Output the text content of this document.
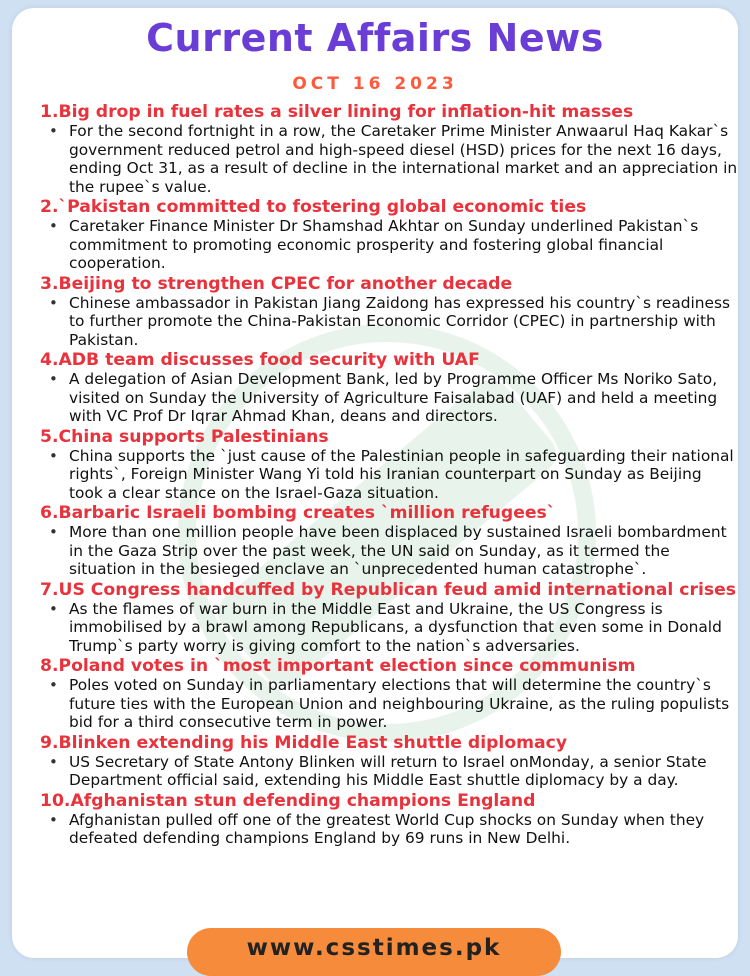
Current Affairs News
OCT 16 2023
1.Big drop in fuel rates a silver lining for inflation-hit masses
• For the second fortnight in a row, the Caretaker Prime Minister Anwaarul Haq Kakar`s government reduced petrol and high-speed diesel (HSD) prices for the next 16 days, ending Oct 31, as a result of decline in the international market and an appreciation in the rupee`s value.
2.`Pakistan committed to fostering global economic ties
• Caretaker Finance Minister Dr Shamshad Akhtar on Sunday underlined Pakistan`s commitment to promoting economic prosperity and fostering global financial cooperation.
3.Beijing to strengthen CPEC for another decade
• Chinese ambassador in Pakistan Jiang Zaidong has expressed his country`s readiness to further promote the China-Pakistan Economic Corridor (CPEC) in partnership with Pakistan.
4.ADB team discusses food security with UAF
• A delegation of Asian Development Bank, led by Programme Officer Ms Noriko Sato, visited on Sunday the University of Agriculture Faisalabad (UAF) and held a meeting with VC Prof Dr Iqrar Ahmad Khan, deans and directors.
5.China supports Palestinians
• China supports the `just cause of the Palestinian people in safeguarding their national rights`, Foreign Minister Wang Yi told his Iranian counterpart on Sunday as Beijing took a clear stance on the Israel-Gaza situation.
6.Barbaric Israeli bombing creates `million refugees`
• More than one million people have been displaced by sustained Israeli bombardment in the Gaza Strip over the past week, the UN said on Sunday, as it termed the situation in the besieged enclave an `unprecedented human catastrophe`.
7.US Congress handcuffed by Republican feud amid international crises
• As the flames of war burn in the Middle East and Ukraine, the US Congress is immobilised by a brawl among Republicans, a dysfunction that even some in Donald Trump`s party worry is giving comfort to the nation`s adversaries.
8.Poland votes in `most important election since communism
• Poles voted on Sunday in parliamentary elections that will determine the country`s future ties with the European Union and neighbouring Ukraine, as the ruling populists bid for a third consecutive term in power.
9.Blinken extending his Middle East shuttle diplomacy
• US Secretary of State Antony Blinken will return to Israel onMonday, a senior State Department official said, extending his Middle East shuttle diplomacy by a day.
10.Afghanistan stun defending champions England
• Afghanistan pulled off one of the greatest World Cup shocks on Sunday when they defeated defending champions England by 69 runs in New Delhi.
www.csstimes.pk
